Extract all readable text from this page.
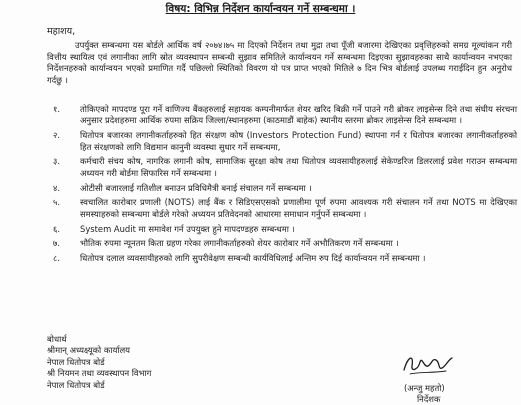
विषय: विभिन्न निर्देशन कार्यान्वयन गर्ने सम्बन्धमा ।
महाशय,

उपर्युक्त सम्बन्धमा यस बोर्डले आर्थिक वर्ष २०७४।७५ मा दिएको निर्देशन तथा मुद्रा तथा पूँजी बजारमा देखिएका प्रवृत्तिहरुको समग्र मूल्यांकन गरी वित्तीय स्थायित्व एवं लगानीका लागि स्रोत व्यवस्थापन सम्बन्धी सुझाव समितिले कार्यान्वयन गर्ने सम्बन्धमा दिइएका सुझावहरुका साथै कार्यान्वयन नभएका निर्देशनहरुको कार्यान्वयन भएको प्रमाणित गर्दै पछिल्लो स्थितिको विवरण यो पत्र प्राप्त भएको मितिले ७ दिन भित्र बोर्डलाई उपलब्ध गराईदिन हुन अनुरोध गर्दछु ।

१.	तोकिएको मापदण्ड पूरा गर्ने वाणिज्य बैंकहरुलाई सहायक कम्पनीमार्फत शेयर खरिद बिक्री गर्ने पाउने गरी ब्रोकर लाइसेन्स दिने तथा संघीय संरचना अनुसार प्रदेशहरुमा आर्थिक रुपमा सक्रिय जिल्ला/स्थानहरुमा (काठमाडौं बाहेक) स्थानीय स्तरमा ब्रोकर लाइसेन्स दिने सम्बन्धमा ।
२.	धितोपत्र बजारका लगानीकर्ताहरुको हित संरक्षण कोष (Investors Protection Fund) स्थापना गर्न र धितोपत्र बजारका लगानीकर्ताहरुको हित संरक्षणको लागि विद्यमान कानुनी व्यवस्था सुधार गर्ने सम्बन्धमा,
३.	कर्मचारी संचय कोष, नागरिक लगानी कोष, सामाजिक सुरक्षा कोष तथा धितोपत्र व्यवसायीहरुलाई सेकेण्डरिज डिलरलाई प्रवेश गराउन सम्बन्धमा अध्ययन गरी बोर्डमा सिफारिस गर्ने सम्बन्धमा ।
४.	ओटीसी बजारलाई गतिशील बनाउन प्रविधिमैत्री बनाई संचालन गर्ने सम्बन्धमा ।
५.	स्वचालित कारोबार प्रणाली (NOTS) लाई बैंक र सिडिएसएसको प्रणालीमा पूर्ण रुपमा आवश्यक गरी संचालन गर्ने तथा NOTS मा देखिएका समस्याहरुको सम्बन्धमा बोर्डले गरेको अध्ययन प्रतिवेदनको आधारमा समाधान गर्नुपर्ने सम्बन्धमा ।
६.	System Audit मा समावेश गर्न उपयुक्त हुने मापदण्डहरु सम्बन्धमा ।
७.	भौतिक रुपमा न्यूनतम किता ग्रहण गरेका लगानीकर्ताहरुको शेयर कारोबार गर्ने अभौतिकरण गर्ने सम्बन्धमा ।
८.	धितोपत्र दलाल व्यवसायीहरुको लागि सुपरीवेक्षण सम्बन्धी कार्यविधिलाई अन्तिम रुप दिई कार्यान्वयन गर्ने सम्बन्धमा ।
बोधार्थ
श्रीमान् अध्यक्ष्यूको कार्यालय
नेपाल धितोपत्र बोर्ड
श्री नियमन तथा व्यवस्थापन विभाग
नेपाल धितोपत्र बोर्ड	(अन्जु महतो)
निर्देशक
